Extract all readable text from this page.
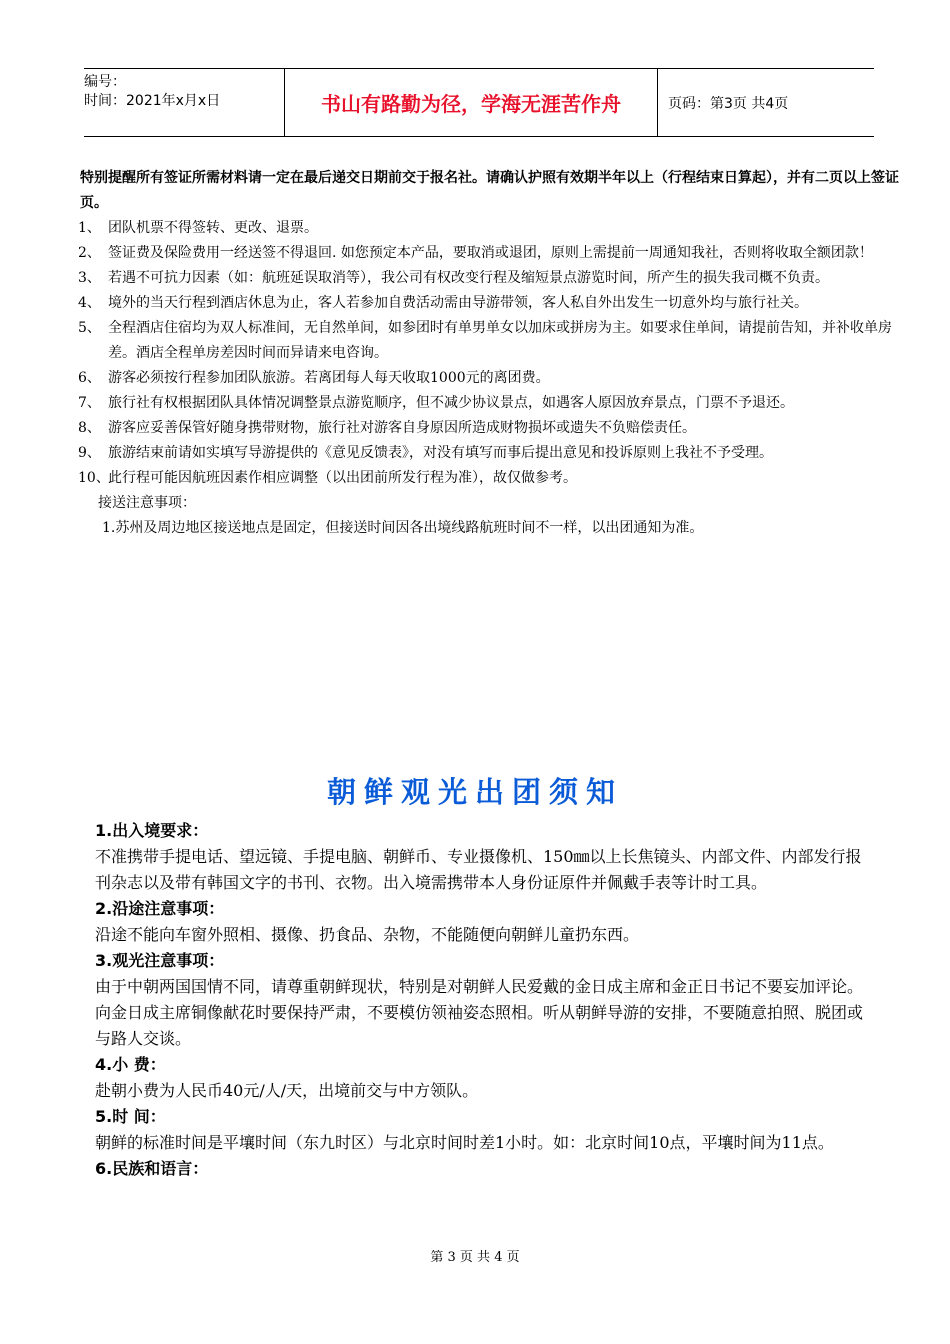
编号：
时间：2021年x月x日	书山有路勤为径，学海无涯苦作舟	页码：第3页 共4页

特别提醒所有签证所需材料请一定在最后递交日期前交于报名社。请确认护照有效期半年以上（行程结束日算起），并有二页以上签证页。

1、 团队机票不得签转、更改、退票。
2、 签证费及保险费用一经送签不得退回. 如您预定本产品，要取消或退团，原则上需提前一周通知我社，否则将收取全额团款！
3、 若遇不可抗力因素（如：航班延误取消等），我公司有权改变行程及缩短景点游览时间，所产生的损失我司概不负责。
4、 境外的当天行程到酒店休息为止，客人若参加自费活动需由导游带领，客人私自外出发生一切意外均与旅行社关。
5、 全程酒店住宿均为双人标准间，无自然单间，如参团时有单男单女以加床或拼房为主。如要求住单间，请提前告知，并补收单房差。酒店全程单房差因时间而异请来电咨询。
6、 游客必须按行程参加团队旅游。若离团每人每天收取1000元的离团费。
7、 旅行社有权根据团队具体情况调整景点游览顺序，但不减少协议景点，如遇客人原因放弃景点，门票不予退还。
8、 游客应妥善保管好随身携带财物，旅行社对游客自身原因所造成财物损坏或遗失不负赔偿责任。
9、 旅游结束前请如实填写导游提供的《意见反馈表》，对没有填写而事后提出意见和投诉原则上我社不予受理。
10、
此行程可能因航班因素作相应调整（以出团前所发行程为准），故仅做参考。
接送注意事项：
1.苏州及周边地区接送地点是固定，但接送时间因各出境线路航班时间不一样，以出团通知为准。
朝鲜观光出团须知
1.出入境要求：
不准携带手提电话、望远镜、手提电脑、朝鲜币、专业摄像机、150㎜以上长焦镜头、内部文件、内部发行报刊杂志以及带有韩国文字的书刊、衣物。出入境需携带本人身份证原件并佩戴手表等计时工具。
2.沿途注意事项：
沿途不能向车窗外照相、摄像、扔食品、杂物，不能随便向朝鲜儿童扔东西。
3.观光注意事项：
由于中朝两国国情不同，请尊重朝鲜现状，特别是对朝鲜人民爱戴的金日成主席和金正日书记不要妄加评论。向金日成主席铜像献花时要保持严肃，不要模仿领袖姿态照相。听从朝鲜导游的安排，不要随意拍照、脱团或与路人交谈。
4.小 费：
赴朝小费为人民币40元/人/天，出境前交与中方领队。
5.时 间：
朝鲜的标准时间是平壤时间（东九时区）与北京时间时差1小时。如：北京时间10点，平壤时间为11点。
6.民族和语言：
第 3 页 共 4 页
